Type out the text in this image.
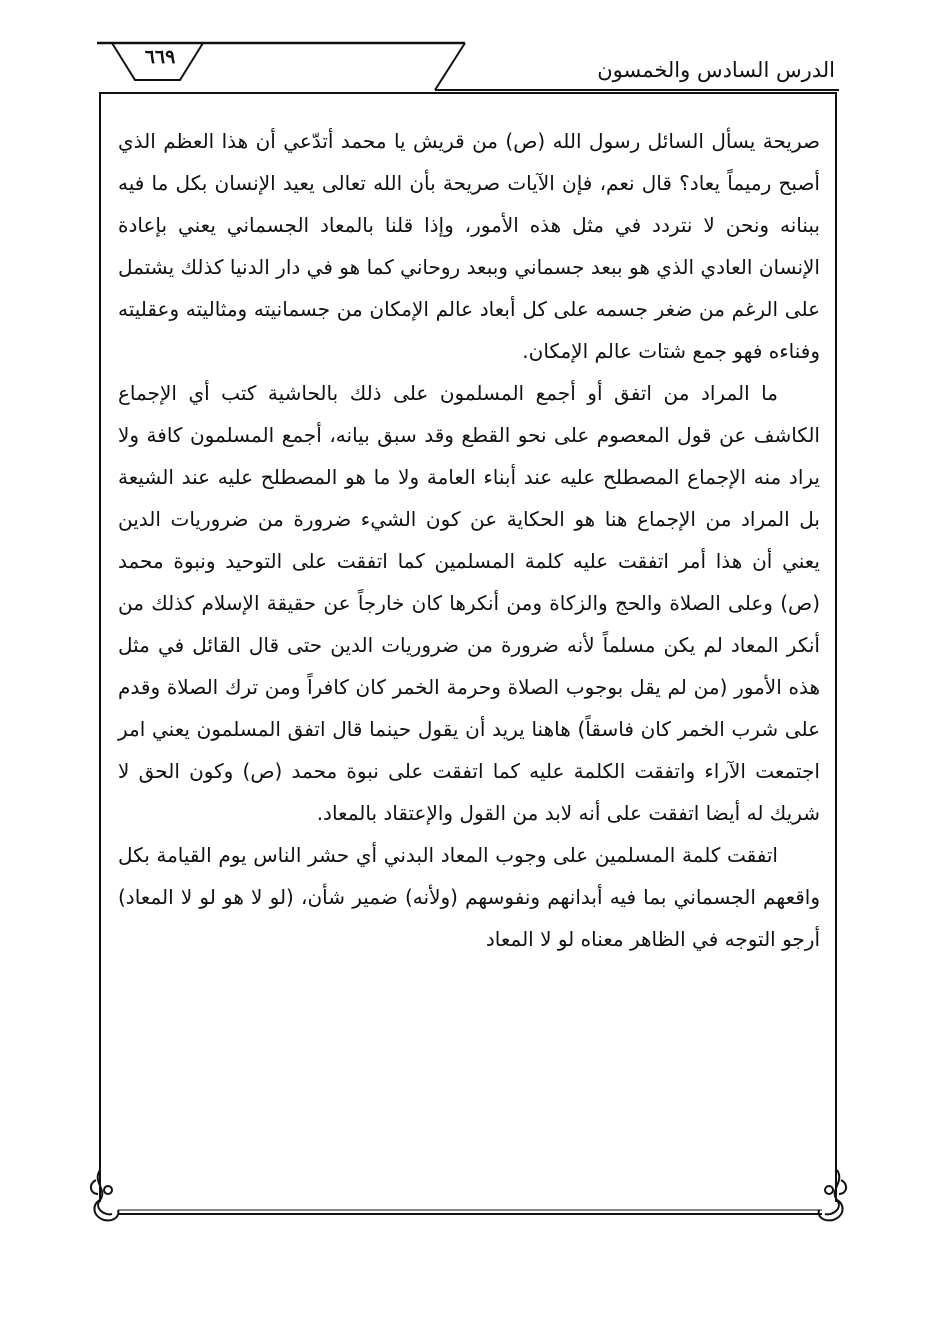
٦٦٩
الدرس السادس والخمسون

صريحة يسأل السائل رسول الله (ص) من قريش يا محمد أتدّعي أن هذا العظم الذي أصبح رميماً يعاد؟ قال نعم، فإن الآيات صريحة بأن الله تعالى يعيد الإنسان بكل ما فيه ببنانه ونحن لا نتردد في مثل هذه الأمور، وإذا قلنا بالمعاد الجسماني يعني بإعادة الإنسان العادي الذي هو ببعد جسماني وببعد روحاني كما هو في دار الدنيا كذلك يشتمل على الرغم من ضغر جسمه على كل أبعاد عالم الإمكان من جسمانيته ومثاليته وعقليته وفناءه فهو جمع شتات عالم الإمكان.

ما المراد من اتفق أو أجمع المسلمون على ذلك بالحاشية كتب أي الإجماع الكاشف عن قول المعصوم على نحو القطع وقد سبق بيانه، أجمع المسلمون كافة ولا يراد منه الإجماع المصطلح عليه عند أبناء العامة ولا ما هو المصطلح عليه عند الشيعة بل المراد من الإجماع هنا هو الحكاية عن كون الشيء ضرورة من ضروريات الدين يعني أن هذا أمر اتفقت عليه كلمة المسلمين كما اتفقت على التوحيد ونبوة محمد (ص) وعلى الصلاة والحج والزكاة ومن أنكرها كان خارجاً عن حقيقة الإسلام كذلك من أنكر المعاد لم يكن مسلماً لأنه ضرورة من ضروريات الدين حتى قال القائل في مثل هذه الأمور (من لم يقل بوجوب الصلاة وحرمة الخمر كان كافراً ومن ترك الصلاة وقدم على شرب الخمر كان فاسقاً) هاهنا يريد أن يقول حينما قال اتفق المسلمون يعني امر اجتمعت الآراء واتفقت الكلمة عليه كما اتفقت على نبوة محمد (ص) وكون الحق لا شريك له أيضا اتفقت على أنه لابد من القول والإعتقاد بالمعاد.

اتفقت كلمة المسلمين على وجوب المعاد البدني أي حشر الناس يوم القيامة بكل واقعهم الجسماني بما فيه أبدانهم ونفوسهم (ولأنه) ضمير شأن، (لو لا هو لو لا المعاد) أرجو التوجه في الظاهر معناه لو لا المعاد
